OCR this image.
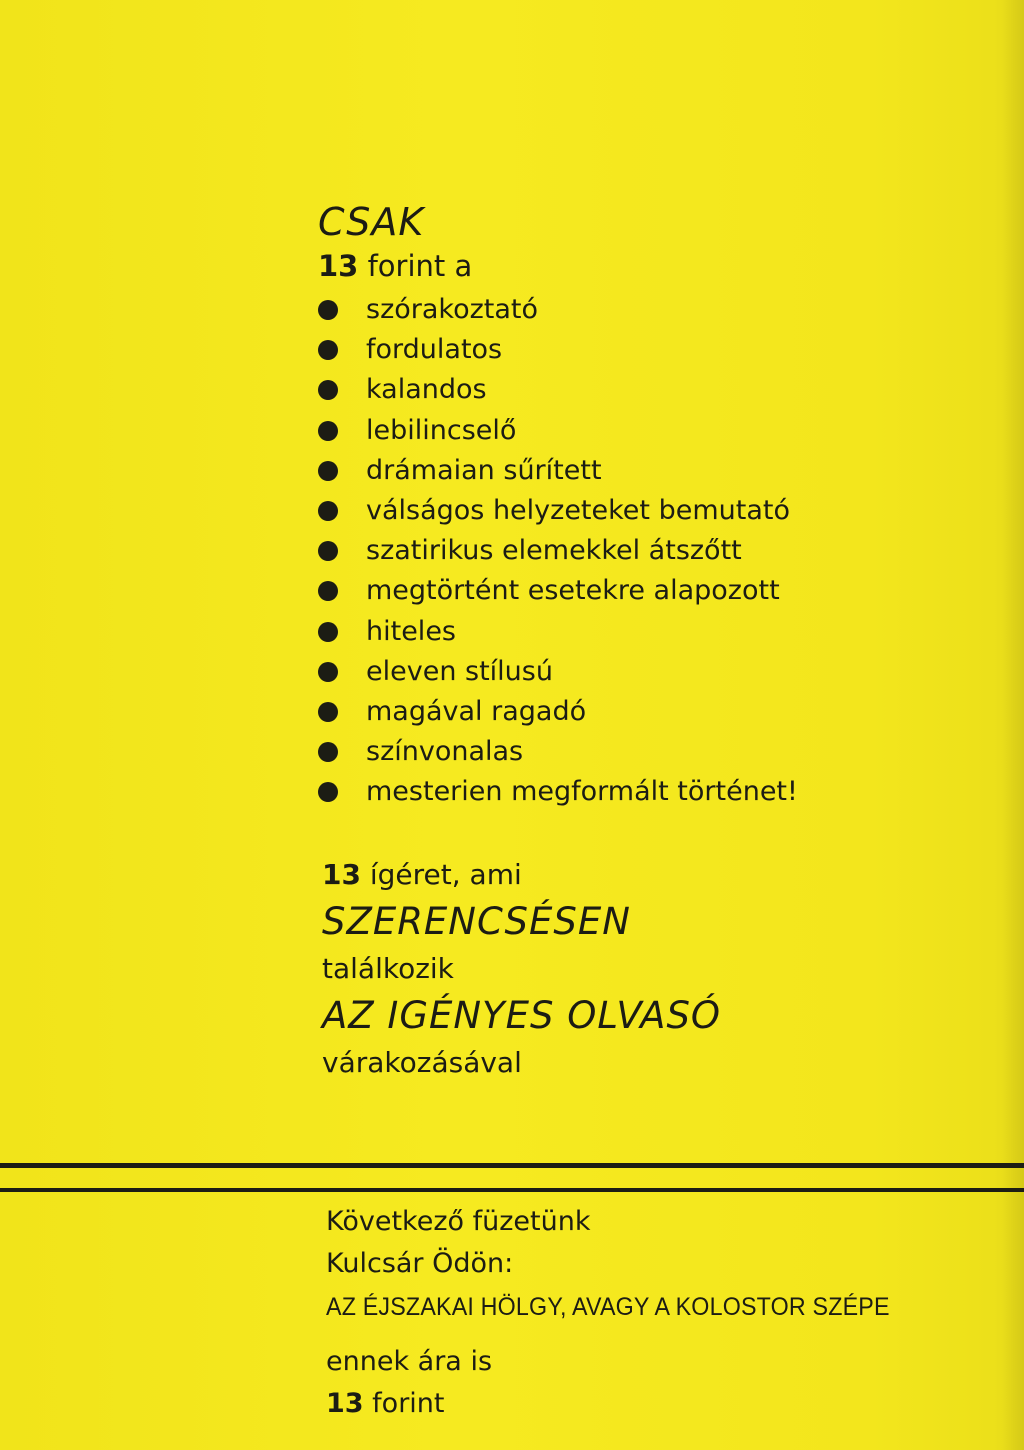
CSAK
13 forint a
szórakoztató
fordulatos
kalandos
lebilincselő
drámaian sűrített
válságos helyzeteket bemutató
szatirikus elemekkel átszőtt
megtörtént esetekre alapozott
hiteles
eleven stílusú
magával ragadó
színvonalas
mesterien megformált történet!
13 ígéret, ami
SZERENCSÉSEN
találkozik
AZ IGÉNYES OLVASÓ
várakozásával
Következő füzetünk
Kulcsár Ödön:
AZ ÉJSZAKAI HÖLGY, AVAGY A KOLOSTOR SZÉPE
ennek ára is
13 forint
